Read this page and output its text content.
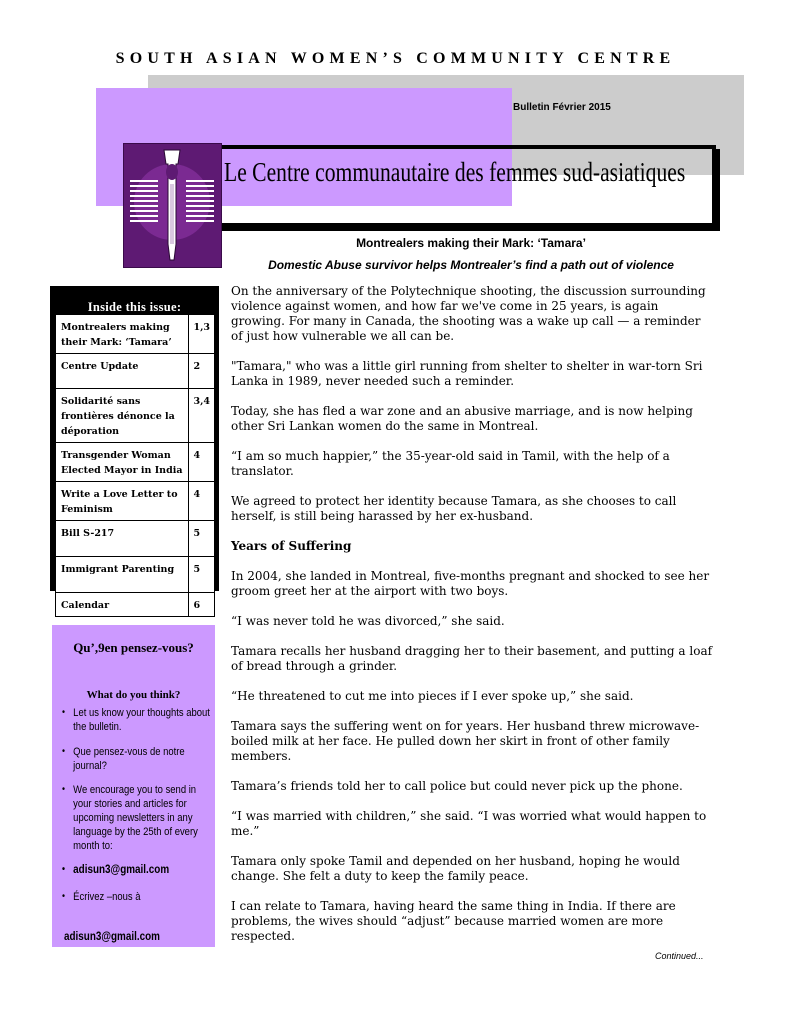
SOUTH ASIAN WOMEN’S COMMUNITY CENTRE
Bulletin Février 2015
Le Centre communautaire des femmes sud-asiatiques
Montrealers making their Mark: ‘Tamara’
Domestic Abuse survivor helps Montrealer’s find a path out of violence
Inside this issue:
Montrealers making their Mark: ‘Tamara’	1,3
Centre Update	2
Solidarité sans frontières dénonce la déporation	3,4
Transgender Woman Elected Mayor in India	4
Write a Love Letter to Feminism	4
Bill S-217	5
Immigrant Parenting	5
Calendar	6
Qu’,9en pensez-vous?
What do you think?
• Let us know your thoughts about the bulletin.
• Que pensez-vous de notre journal?
• We encourage you to send in your stories and articles for upcoming newsletters in any language by the 25th of every month to:
• adisun3@gmail.com
• Écrivez –nous à
adisun3@gmail.com

On the anniversary of the Polytechnique shooting, the discussion surrounding violence against women, and how far we've come in 25 years, is again growing. For many in Canada, the shooting was a wake up call — a reminder of just how vulnerable we all can be.

"Tamara," who was a little girl running from shelter to shelter in war-torn Sri Lanka in 1989, never needed such a reminder.

Today, she has fled a war zone and an abusive marriage, and is now helping other Sri Lankan women do the same in Montreal.

“I am so much happier,” the 35-year-old said in Tamil, with the help of a translator.

We agreed to protect her identity because Tamara, as she chooses to call herself, is still being harassed by her ex-husband.

Years of Suffering

In 2004, she landed in Montreal, five-months pregnant and shocked to see her groom greet her at the airport with two boys.

“I was never told he was divorced,” she said.

Tamara recalls her husband dragging her to their basement, and putting a loaf of bread through a grinder.

“He threatened to cut me into pieces if I ever spoke up,” she said.

Tamara says the suffering went on for years. Her husband threw microwave-boiled milk at her face. He pulled down her skirt in front of other family members.

Tamara’s friends told her to call police but could never pick up the phone.

“I was married with children,” she said. “I was worried what would happen to me.”

Tamara only spoke Tamil and depended on her husband, hoping he would change. She felt a duty to keep the family peace.

I can relate to Tamara, having heard the same thing in India. If there are problems, the wives should “adjust” because married women are more respected.

Continued...
